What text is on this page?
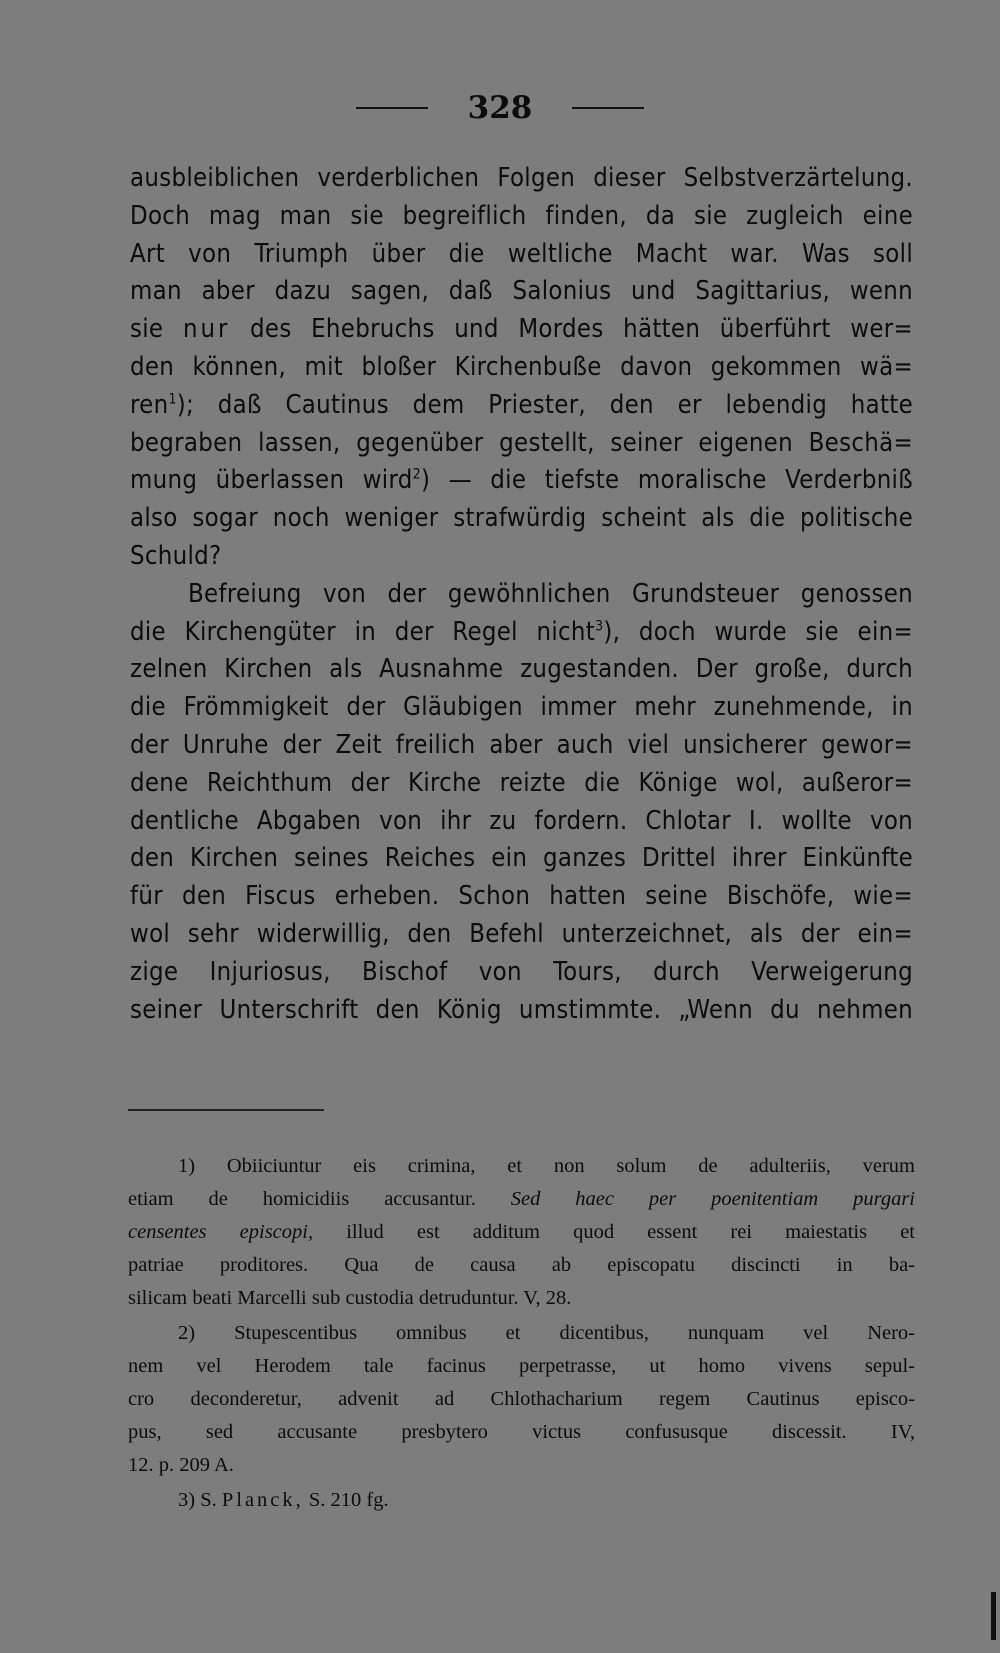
328
ausbleiblichen verderblichen Folgen dieser Selbstverzärtelung.
Doch mag man sie begreiflich finden, da sie zugleich eine
Art von Triumph über die weltliche Macht war. Was soll
man aber dazu sagen, daß Salonius und Sagittarius, wenn
sie nur des Ehebruchs und Mordes hätten überführt wer=
den können, mit bloßer Kirchenbuße davon gekommen wä=
ren$^1$); daß Cautinus dem Priester, den er lebendig hatte
begraben lassen, gegenüber gestellt, seiner eigenen Beschä=
mung überlassen wird$^2$) — die tiefste moralische Verderbniß
also sogar noch weniger strafwürdig scheint als die politische
Schuld?
Befreiung von der gewöhnlichen Grundsteuer genossen
die Kirchengüter in der Regel nicht$^3$), doch wurde sie ein=
zelnen Kirchen als Ausnahme zugestanden. Der große, durch
die Frömmigkeit der Gläubigen immer mehr zunehmende, in
der Unruhe der Zeit freilich aber auch viel unsicherer gewor=
dene Reichthum der Kirche reizte die Könige wol, außeror=
dentliche Abgaben von ihr zu fordern. Chlotar I. wollte von
den Kirchen seines Reiches ein ganzes Drittel ihrer Einkünfte
für den Fiscus erheben. Schon hatten seine Bischöfe, wie=
wol sehr widerwillig, den Befehl unterzeichnet, als der ein=
zige Injuriosus, Bischof von Tours, durch Verweigerung
seiner Unterschrift den König umstimmte. „Wenn du nehmen
1) Obiiciuntur eis crimina, et non solum de adulteriis, verum
etiam de homicidiis accusantur. Sed haec per poenitentiam purgari
censentes episcopi, illud est additum quod essent rei maiestatis et
patriae proditores. Qua de causa ab episcopatu discincti in ba-
silicam beati Marcelli sub custodia detruduntur. V, 28.
2) Stupescentibus omnibus et dicentibus, nunquam vel Nero-
nem vel Herodem tale facinus perpetrasse, ut homo vivens sepul-
cro deconderetur, advenit ad Chlothacharium regem Cautinus episco-
pus, sed accusante presbytero victus confususque discessit. IV,
12. p. 209 A.
3) S. Planck, S. 210 fg.
